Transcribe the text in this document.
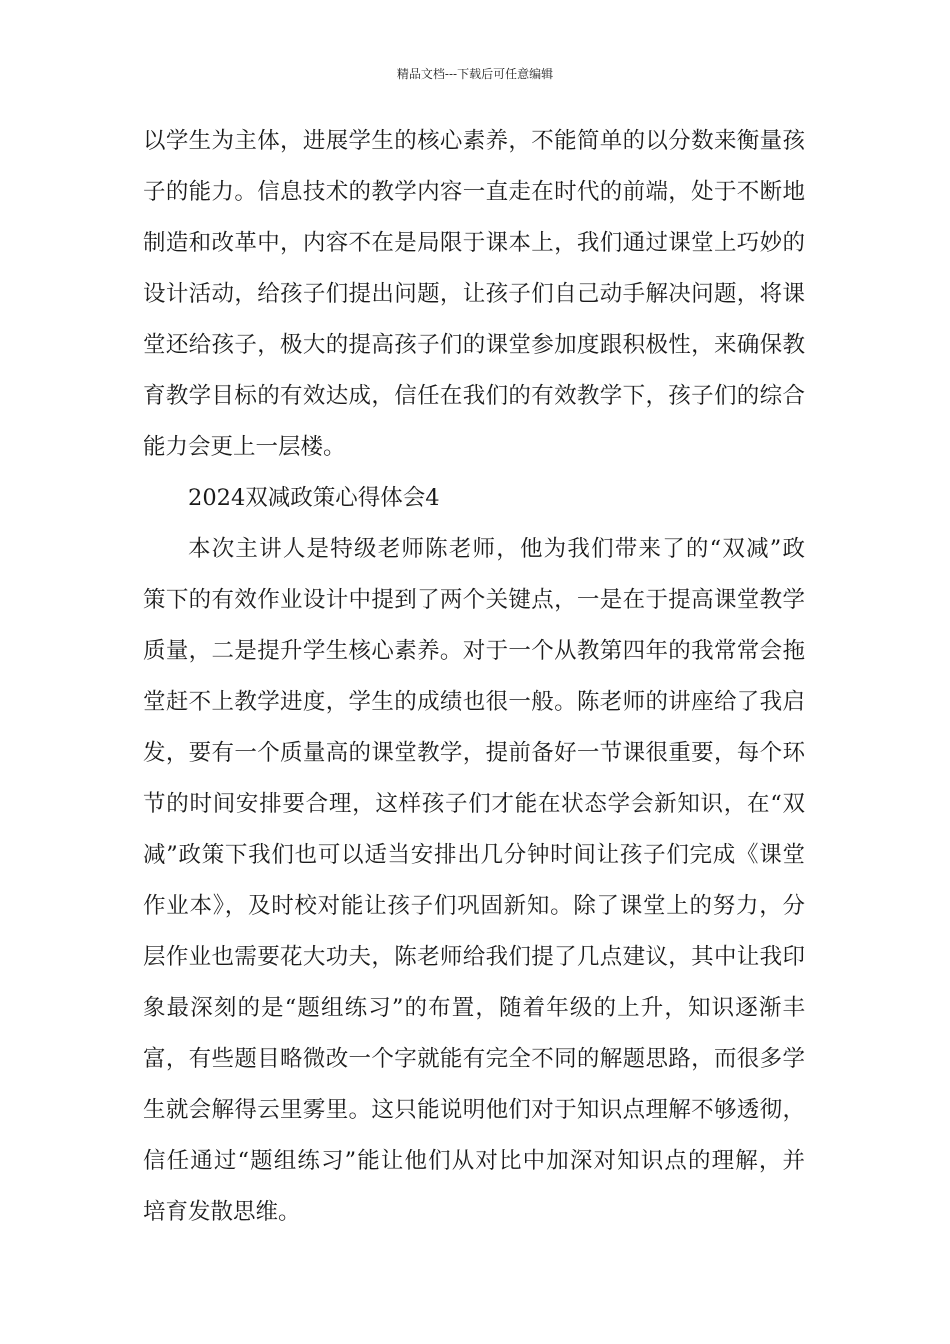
精品文档---下载后可任意编辑
以学生为主体，进展学生的核心素养，不能简单的以分数来衡量孩
子的能力。信息技术的教学内容一直走在时代的前端，处于不断地
制造和改革中，内容不在是局限于课本上，我们通过课堂上巧妙的
设计活动，给孩子们提出问题，让孩子们自己动手解决问题，将课
堂还给孩子，极大的提高孩子们的课堂参加度跟积极性，来确保教
育教学目标的有效达成，信任在我们的有效教学下，孩子们的综合
能力会更上一层楼。
2024双减政策心得体会4
本次主讲人是特级老师陈老师，他为我们带来了的“双减”政
策下的有效作业设计中提到了两个关键点，一是在于提高课堂教学
质量，二是提升学生核心素养。对于一个从教第四年的我常常会拖
堂赶不上教学进度，学生的成绩也很一般。陈老师的讲座给了我启
发，要有一个质量高的课堂教学，提前备好一节课很重要，每个环
节的时间安排要合理，这样孩子们才能在状态学会新知识，在“双
减”政策下我们也可以适当安排出几分钟时间让孩子们完成《课堂
作业本》，及时校对能让孩子们巩固新知。除了课堂上的努力，分
层作业也需要花大功夫，陈老师给我们提了几点建议，其中让我印
象最深刻的是“题组练习”的布置，随着年级的上升，知识逐渐丰
富，有些题目略微改一个字就能有完全不同的解题思路，而很多学
生就会解得云里雾里。这只能说明他们对于知识点理解不够透彻，
信任通过“题组练习”能让他们从对比中加深对知识点的理解，并
培育发散思维。
